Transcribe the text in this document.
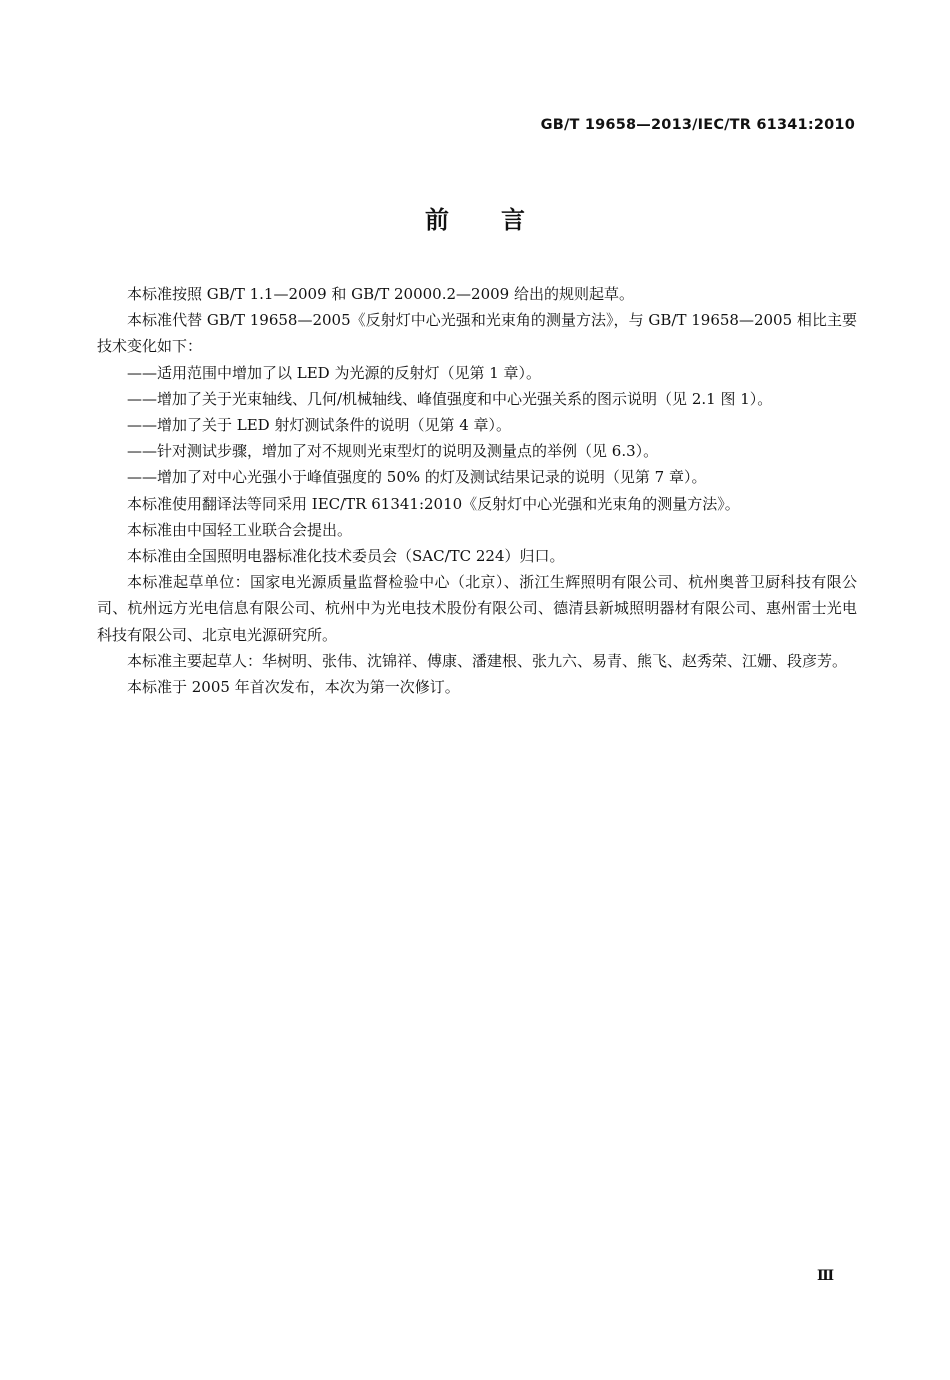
GB/T 19658—2013/IEC/TR 61341:2010
前言

本标准按照 GB/T 1.1—2009 和 GB/T 20000.2—2009 给出的规则起草。

本标准代替 GB/T 19658—2005《反射灯中心光强和光束角的测量方法》，与 GB/T 19658—2005 相比主要技术变化如下：

——适用范围中增加了以 LED 为光源的反射灯（见第 1 章）。

——增加了关于光束轴线、几何/机械轴线、峰值强度和中心光强关系的图示说明（见 2.1 图 1）。

——增加了关于 LED 射灯测试条件的说明（见第 4 章）。

——针对测试步骤，增加了对不规则光束型灯的说明及测量点的举例（见 6.3）。

——增加了对中心光强小于峰值强度的 50% 的灯及测试结果记录的说明（见第 7 章）。

本标准使用翻译法等同采用 IEC/TR 61341:2010《反射灯中心光强和光束角的测量方法》。

本标准由中国轻工业联合会提出。

本标准由全国照明电器标准化技术委员会（SAC/TC 224）归口。

本标准起草单位：国家电光源质量监督检验中心（北京）、浙江生辉照明有限公司、杭州奥普卫厨科技有限公司、杭州远方光电信息有限公司、杭州中为光电技术股份有限公司、德清县新城照明器材有限公司、惠州雷士光电科技有限公司、北京电光源研究所。

本标准主要起草人：华树明、张伟、沈锦祥、傅康、潘建根、张九六、易青、熊飞、赵秀荣、江姗、段彦芳。

本标准于 2005 年首次发布，本次为第一次修订。

Ⅲ
